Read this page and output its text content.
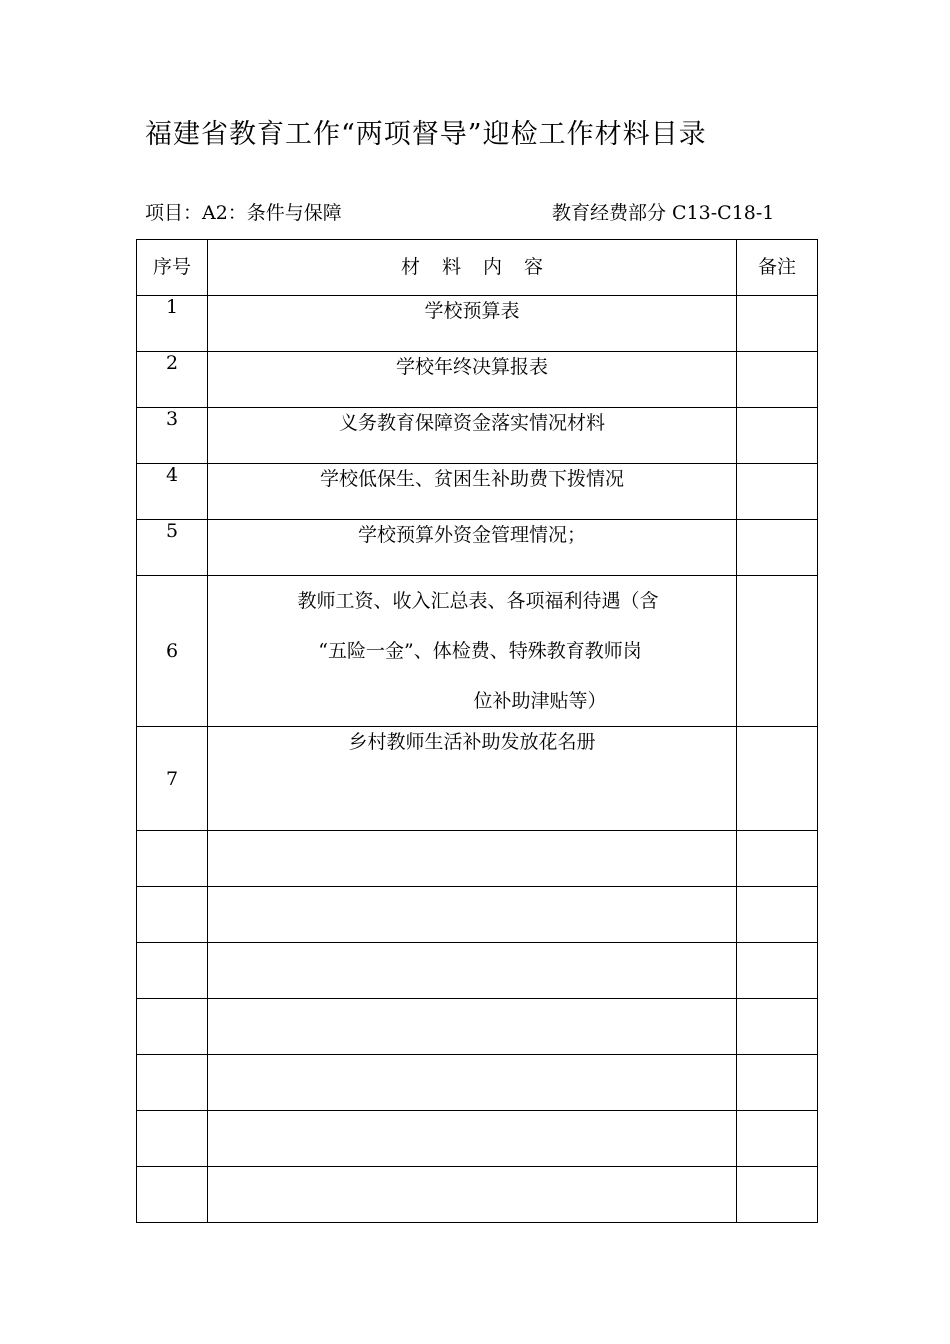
福建省教育工作“两项督导”迎检工作材料目录
项目：A2：条件与保障	教育经费部分 C13-C18-1
序号	材料内容	备注
1	学校预算表	
2	学校年终决算报表	
3	义务教育保障资金落实情况材料	
4	学校低保生、贫困生补助费下拨情况	
5	学校预算外资金管理情况；	
6	教师工资、收入汇总表、各项福利待遇（含
“五险一金”、体检费、特殊教育教师岗
位补助津贴等）	

7	乡村教师生活补助发放花名册	
